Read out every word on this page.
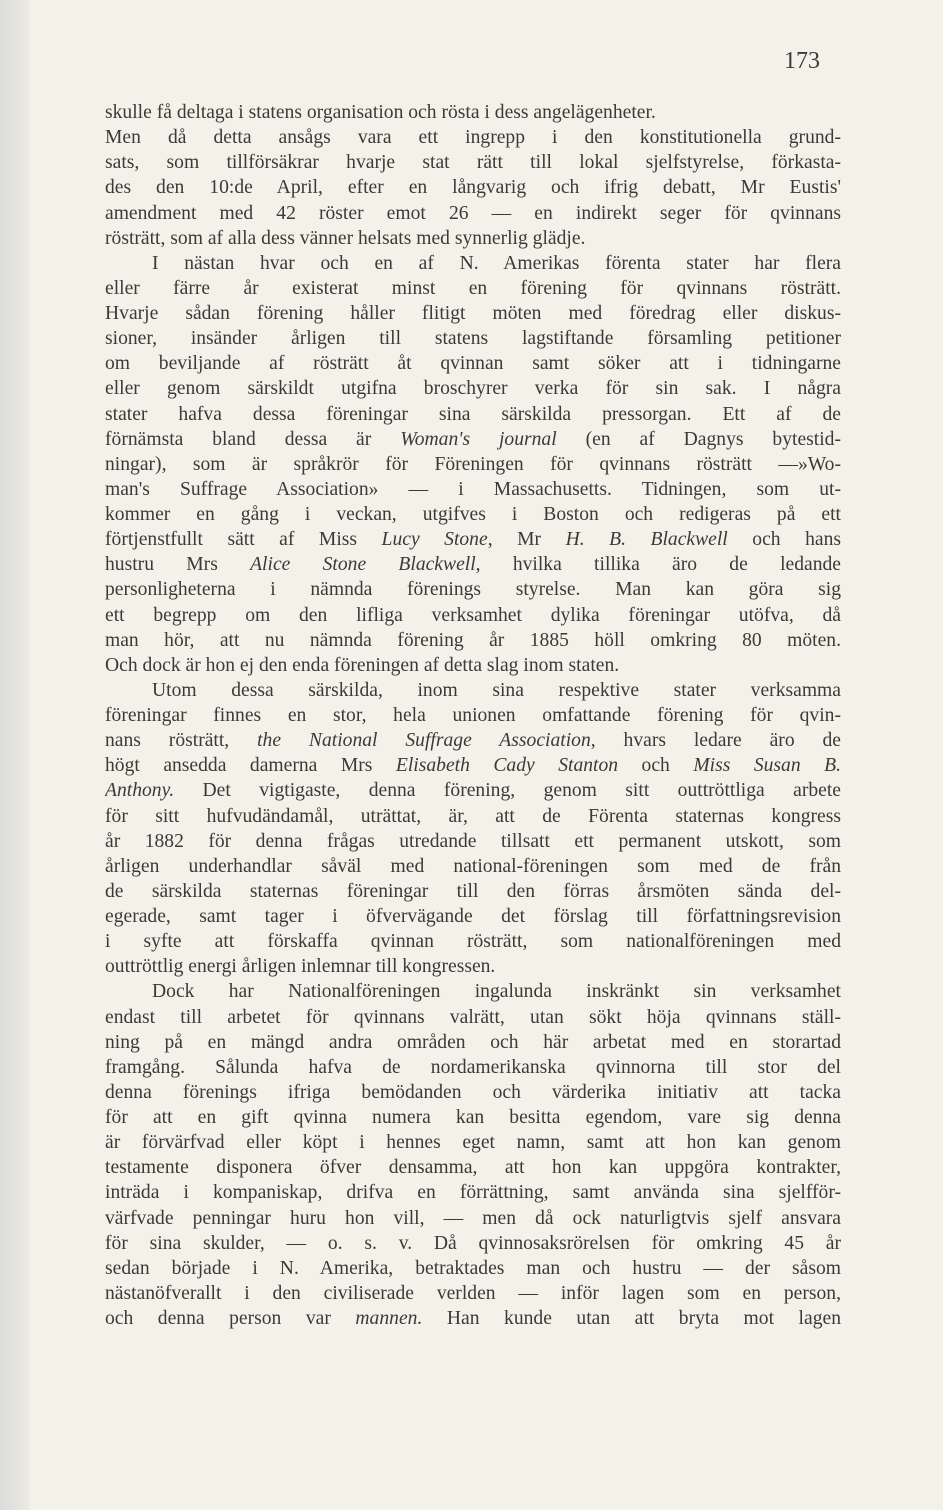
173
skulle få deltaga i statens organisation och rösta i dess angelägenheter.
Men då detta ansågs vara ett ingrepp i den konstitutionella grund-
sats, som tillförsäkrar hvarje stat rätt till lokal sjelfstyrelse, förkasta-
des den 10:de April, efter en långvarig och ifrig debatt, Mr Eustis'
amendment med 42 röster emot 26 — en indirekt seger för qvinnans
rösträtt, som af alla dess vänner helsats med synnerlig glädje.
I nästan hvar och en af N. Amerikas förenta stater har flera
eller färre år existerat minst en förening för qvinnans rösträtt.
Hvarje sådan förening håller flitigt möten med föredrag eller diskus-
sioner, insänder årligen till statens lagstiftande församling petitioner
om beviljande af rösträtt åt qvinnan samt söker att i tidningarne
eller genom särskildt utgifna broschyrer verka för sin sak. I några
stater hafva dessa föreningar sina särskilda pressorgan. Ett af de
förnämsta bland dessa är Woman's journal (en af Dagnys bytestid-
ningar), som är språkrör för Föreningen för qvinnans rösträtt —»Wo-
man's Suffrage Association» — i Massachusetts. Tidningen, som ut-
kommer en gång i veckan, utgifves i Boston och redigeras på ett
förtjenstfullt sätt af Miss Lucy Stone, Mr H. B. Blackwell och hans
hustru Mrs Alice Stone Blackwell, hvilka tillika äro de ledande
personligheterna i nämnda förenings styrelse. Man kan göra sig
ett begrepp om den lifliga verksamhet dylika föreningar utöfva, då
man hör, att nu nämnda förening år 1885 höll omkring 80 möten.
Och dock är hon ej den enda föreningen af detta slag inom staten.
Utom dessa särskilda, inom sina respektive stater verksamma
föreningar finnes en stor, hela unionen omfattande förening för qvin-
nans rösträtt, the National Suffrage Association, hvars ledare äro de
högt ansedda damerna Mrs Elisabeth Cady Stanton och Miss Susan B.
Anthony. Det vigtigaste, denna förening, genom sitt outtröttliga arbete
för sitt hufvudändamål, uträttat, är, att de Förenta staternas kongress
år 1882 för denna frågas utredande tillsatt ett permanent utskott, som
årligen underhandlar såväl med national-föreningen som med de från
de särskilda staternas föreningar till den förras årsmöten sända del-
egerade, samt tager i öfvervägande det förslag till författningsrevision
i syfte att förskaffa qvinnan rösträtt, som nationalföreningen med
outtröttlig energi årligen inlemnar till kongressen.
Dock har Nationalföreningen ingalunda inskränkt sin verksamhet
endast till arbetet för qvinnans valrätt, utan sökt höja qvinnans ställ-
ning på en mängd andra områden och här arbetat med en storartad
framgång. Sålunda hafva de nordamerikanska qvinnorna till stor del
denna förenings ifriga bemödanden och värderika initiativ att tacka
för att en gift qvinna numera kan besitta egendom, vare sig denna
är förvärfvad eller köpt i hennes eget namn, samt att hon kan genom
testamente disponera öfver densamma, att hon kan uppgöra kontrakter,
inträda i kompaniskap, drifva en förrättning, samt använda sina sjelfför-
värfvade penningar huru hon vill, — men då ock naturligtvis sjelf ansvara
för sina skulder, — o. s. v. Då qvinnosaksrörelsen för omkring 45 år
sedan började i N. Amerika, betraktades man och hustru — der såsom
nästanöfverallt i den civiliserade verlden — inför lagen som en person,
och denna person var mannen. Han kunde utan att bryta mot lagen
